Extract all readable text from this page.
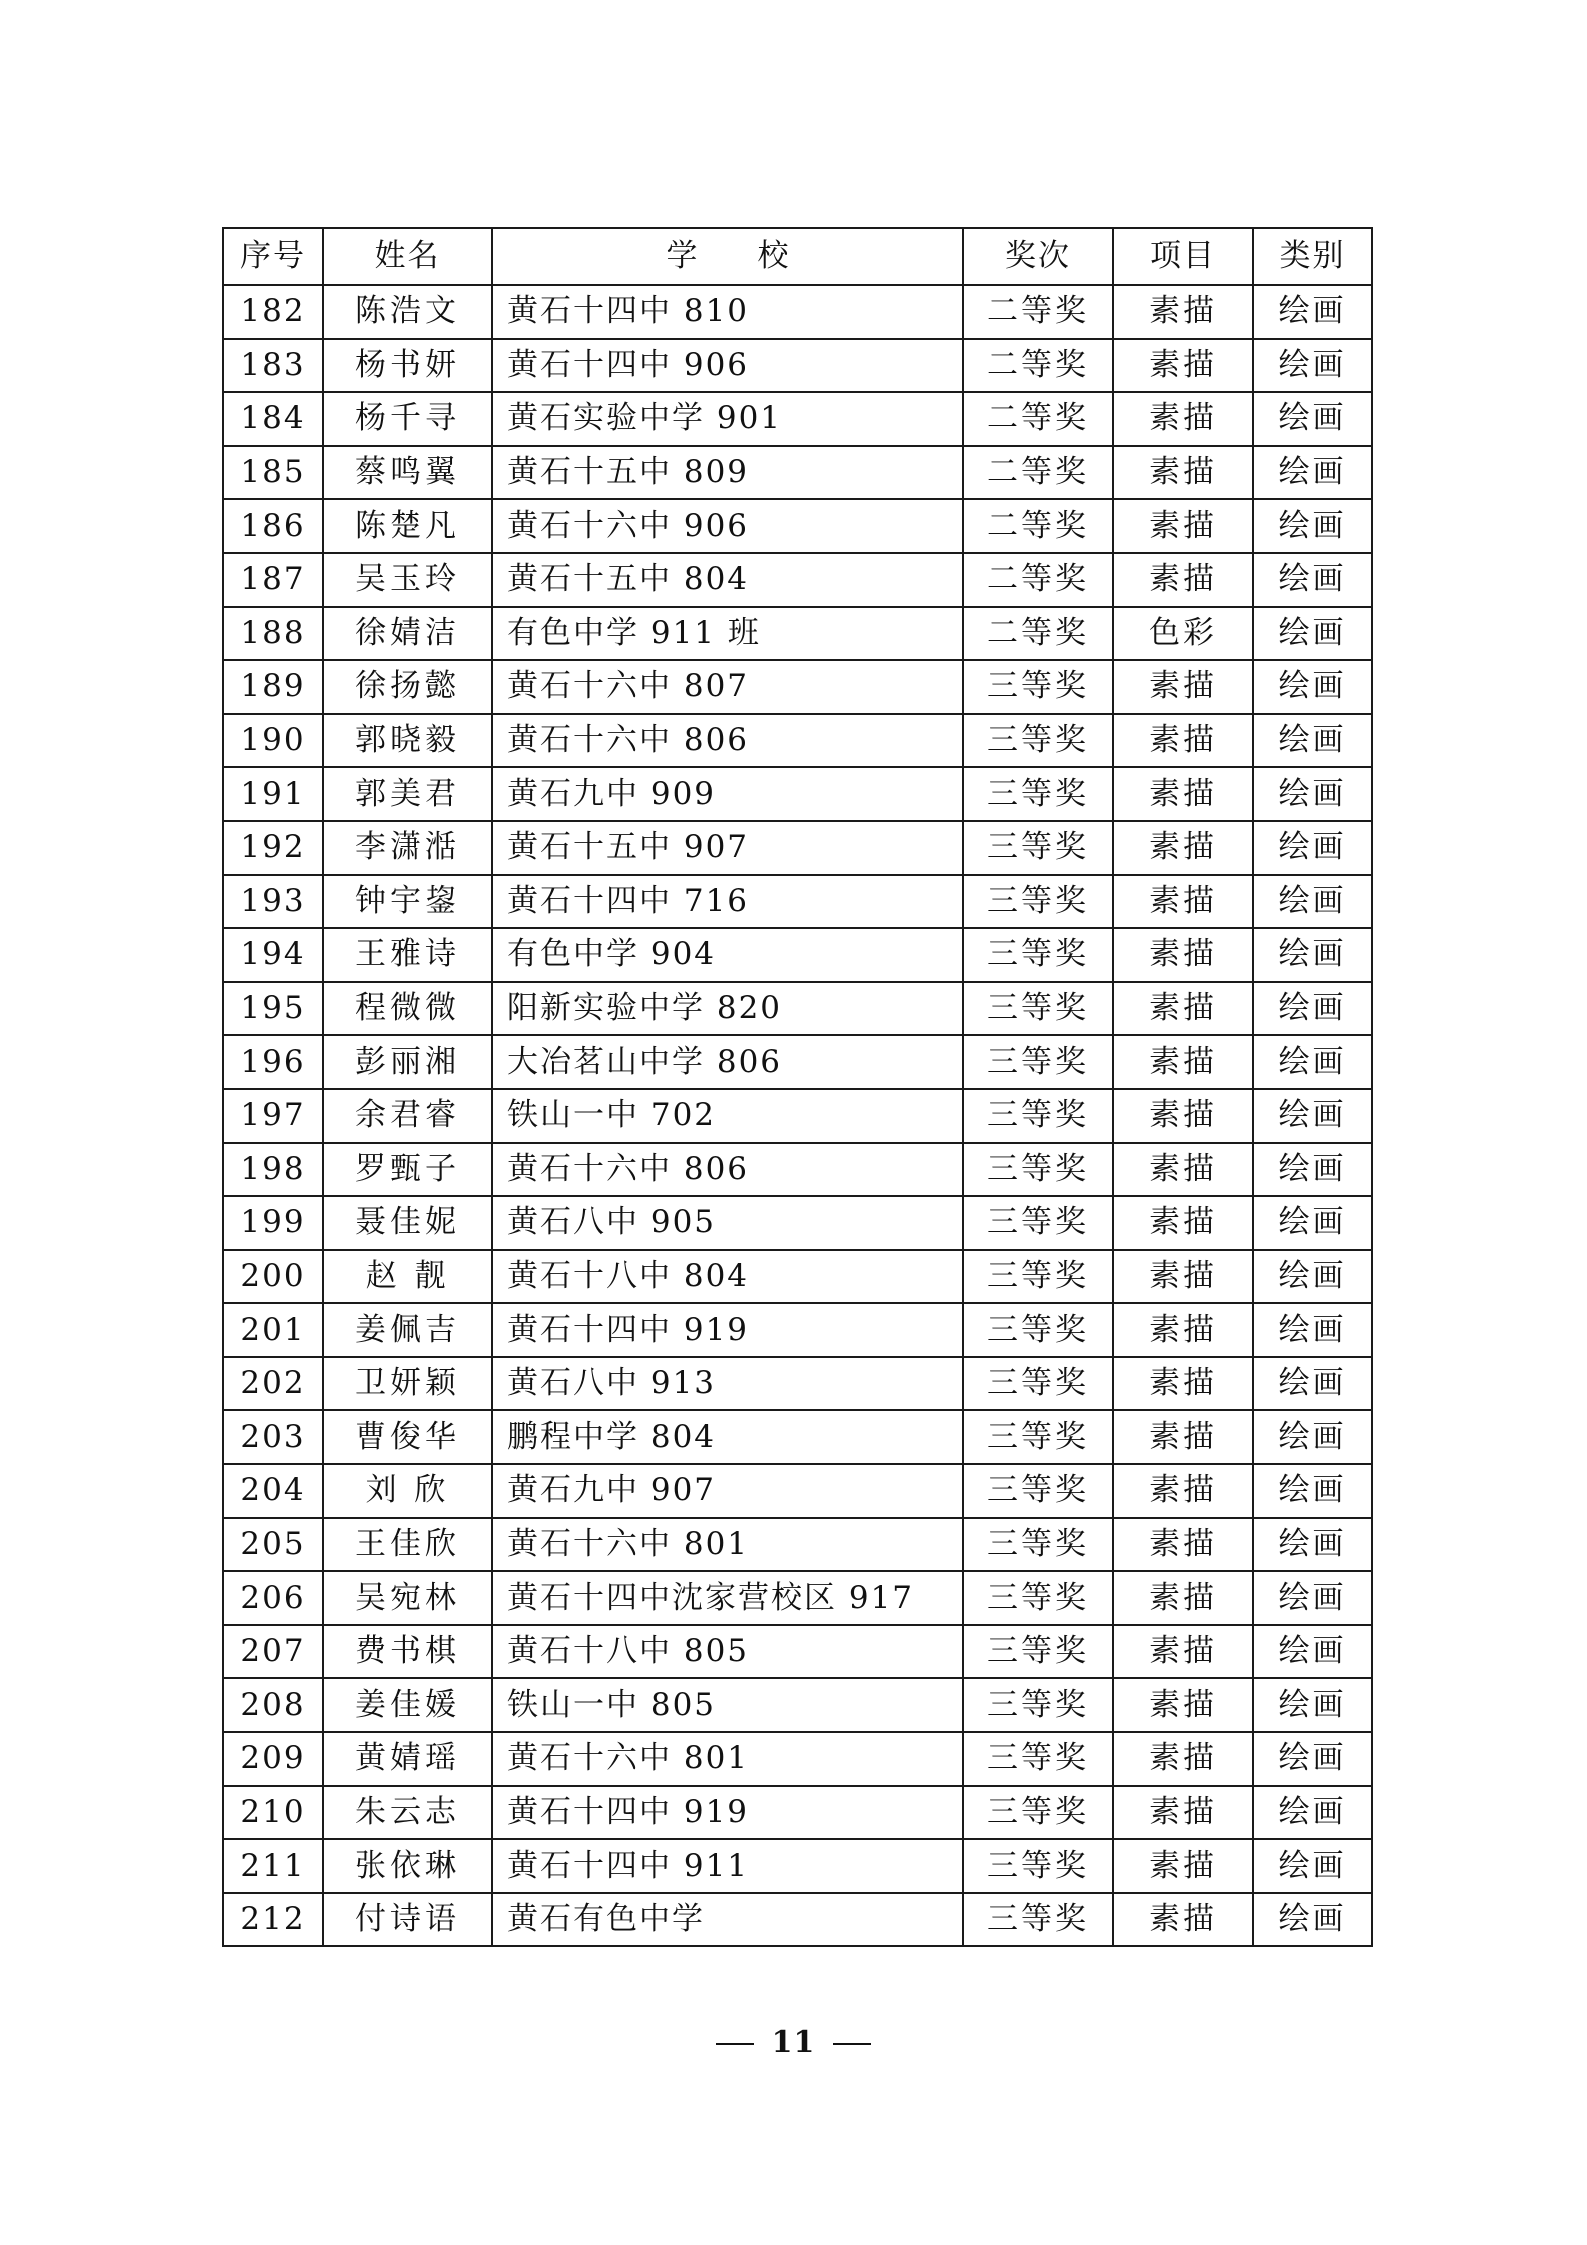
序号	姓名	学校	奖次	项目	类别
182	陈浩文	黄石十四中 810	二等奖	素描	绘画
183	杨书妍	黄石十四中 906	二等奖	素描	绘画
184	杨千寻	黄石实验中学 901	二等奖	素描	绘画
185	蔡鸣翼	黄石十五中 809	二等奖	素描	绘画
186	陈楚凡	黄石十六中 906	二等奖	素描	绘画
187	吴玉玲	黄石十五中 804	二等奖	素描	绘画
188	徐婧洁	有色中学 911 班	二等奖	色彩	绘画
189	徐扬懿	黄石十六中 807	三等奖	素描	绘画
190	郭晓毅	黄石十六中 806	三等奖	素描	绘画
191	郭美君	黄石九中 909	三等奖	素描	绘画
192	李潇湉	黄石十五中 907	三等奖	素描	绘画
193	钟宇鋆	黄石十四中 716	三等奖	素描	绘画
194	王雅诗	有色中学 904	三等奖	素描	绘画
195	程微微	阳新实验中学 820	三等奖	素描	绘画
196	彭丽湘	大冶茗山中学 806	三等奖	素描	绘画
197	余君睿	铁山一中 702	三等奖	素描	绘画
198	罗甄子	黄石十六中 806	三等奖	素描	绘画
199	聂佳妮	黄石八中 905	三等奖	素描	绘画
200	赵 靓	黄石十八中 804	三等奖	素描	绘画
201	姜佩吉	黄石十四中 919	三等奖	素描	绘画
202	卫妍颖	黄石八中 913	三等奖	素描	绘画
203	曹俊华	鹏程中学 804	三等奖	素描	绘画
204	刘 欣	黄石九中 907	三等奖	素描	绘画
205	王佳欣	黄石十六中 801	三等奖	素描	绘画
206	吴宛林	黄石十四中沈家营校区 917	三等奖	素描	绘画
207	费书棋	黄石十八中 805	三等奖	素描	绘画
208	姜佳媛	铁山一中 805	三等奖	素描	绘画
209	黄婧瑶	黄石十六中 801	三等奖	素描	绘画
210	朱云志	黄石十四中 919	三等奖	素描	绘画
211	张依琳	黄石十四中 911	三等奖	素描	绘画
212	付诗语	黄石有色中学	三等奖	素描	绘画
11
